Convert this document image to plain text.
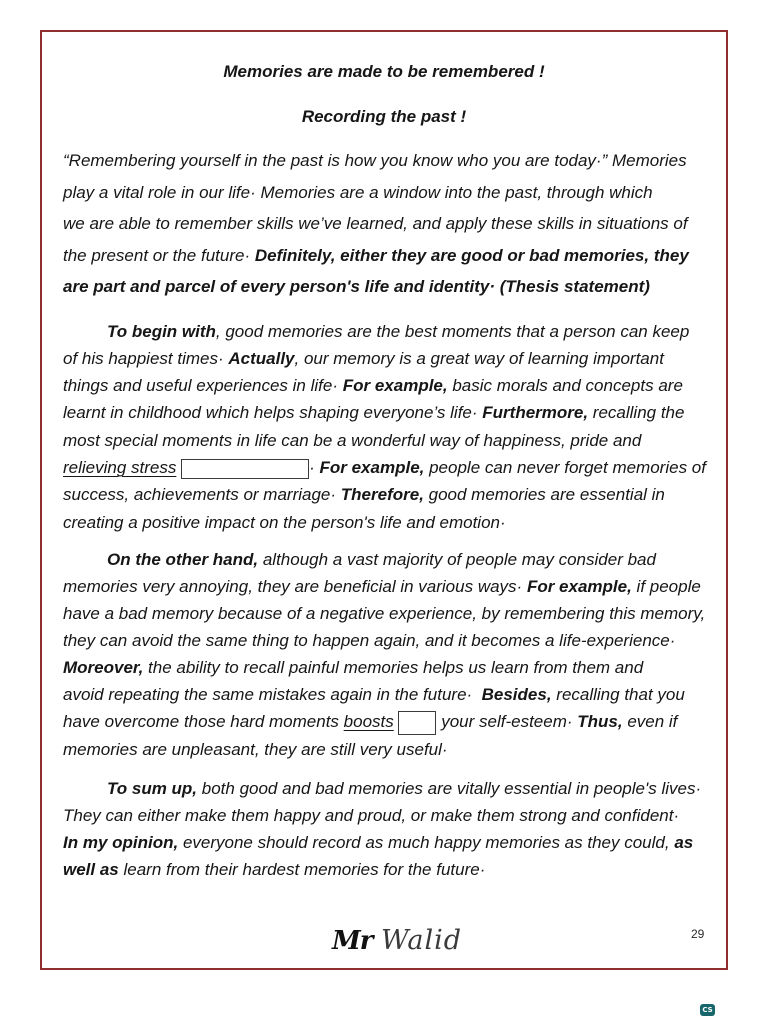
Memories are made to be remembered !
Recording the past !
“Remembering yourself in the past is how you know who you are today·” Memories
play a vital role in our life· Memories are a window into the past, through which
we are able to remember skills we’ve learned, and apply these skills in situations of
the present or the future· Definitely, either they are good or bad memories, they
are part and parcel of every person's life and identity· (Thesis statement)
To begin with, good memories are the best moments that a person can keep
of his happiest times· Actually, our memory is a great way of learning important
things and useful experiences in life· For example, basic morals and concepts are
learnt in childhood which helps shaping everyone’s life· Furthermore, recalling the
most special moments in life can be a wonderful way of happiness, pride and
relieving stress	· For example, people can never forget memories of
success, achievements or marriage· Therefore, good memories are essential in
creating a positive impact on the person's life and emotion·
On the other hand, although a vast majority of people may consider bad
memories very annoying, they are beneficial in various ways· For example, if people
have a bad memory because of a negative experience, by remembering this memory,
they can avoid the same thing to happen again, and it becomes a life-experience·
Moreover, the ability to recall painful memories helps us learn from them and
avoid repeating the same mistakes again in the future·  Besides, recalling that you
have overcome those hard moments boosts	your self-esteem· Thus, even if
memories are unpleasant, they are still very useful·
To sum up, both good and bad memories are vitally essential in people's lives·
They can either make them happy and proud, or make them strong and confident·
In my opinion, everyone should record as much happy memories as they could, as
well as learn from their hardest memories for the future·
Mr Walid	29
CS
